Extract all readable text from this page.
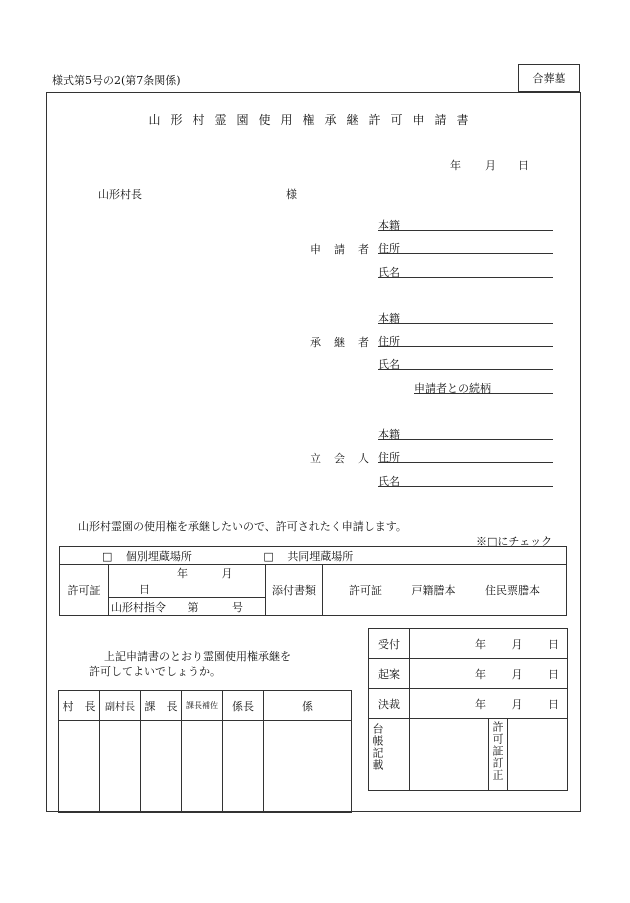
様式第5号の2(第7条関係)	合葬墓
山形村霊園使用権承継許可申請書
年 月 日
山形村長	様
申請者
本籍
住所
氏名
承継者
本籍
住所
氏名
申請者との続柄
立会人
本籍
住所
氏名
山形村霊園の使用権を承継したいので、許可されたく申請します。
※□にチェック
□ 個別埋蔵場所	□ 共同埋蔵場所
許可証	年	月 日	添付書類	許可証	戸籍謄本	住民票謄本
山形村指令 第	号
上記申請書のとおり霊園使用権承継を
許可してよいでしょうか。
村　長	副村長	課　長	課長補佐	係長	係

受付	年 月 日		
起案	年 月 日		
決裁	年 月 日		
台帳記載		許可証訂正	
